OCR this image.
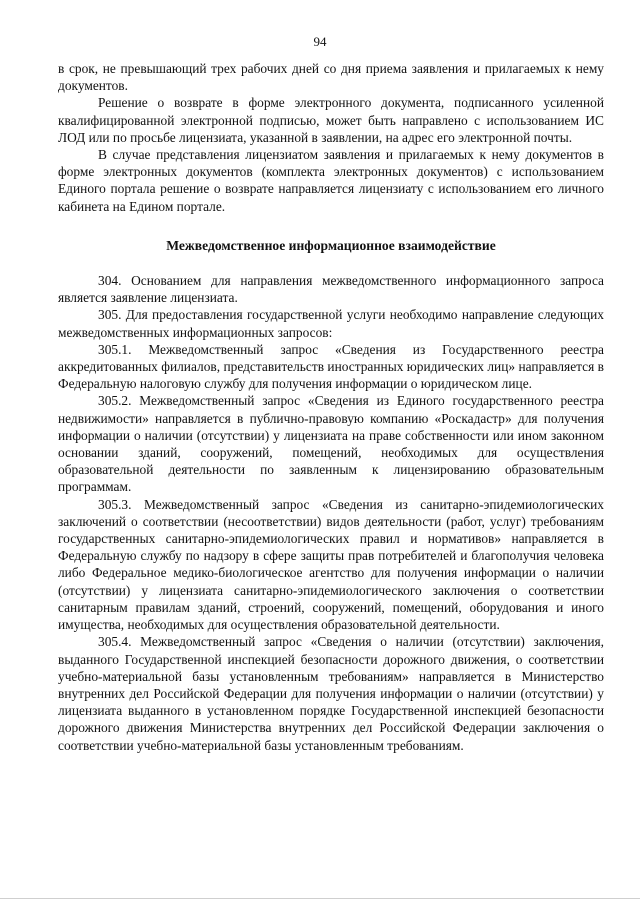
94

в срок, не превышающий трех рабочих дней со дня приема заявления и прилагаемых к нему документов.

Решение о возврате в форме электронного документа, подписанного усиленной квалифицированной электронной подписью, может быть направлено с использованием ИС ЛОД или по просьбе лицензиата, указанной в заявлении, на адрес его электронной почты.

В случае представления лицензиатом заявления и прилагаемых к нему документов в форме электронных документов (комплекта электронных документов) с использованием Единого портала решение о возврате направляется лицензиату с использованием его личного кабинета на Едином портале.

Межведомственное информационное взаимодействие

304. Основанием для направления межведомственного информационного запроса является заявление лицензиата.

305. Для предоставления государственной услуги необходимо направление следующих межведомственных информационных запросов:

305.1. Межведомственный запрос «Сведения из Государственного реестра аккредитованных филиалов, представительств иностранных юридических лиц» направляется в Федеральную налоговую службу для получения информации о юридическом лице.

305.2. Межведомственный запрос «Сведения из Единого государственного реестра недвижимости» направляется в публично-правовую компанию «Роскадастр» для получения информации о наличии (отсутствии) у лицензиата на праве собственности или ином законном основании зданий, сооружений, помещений, необходимых для осуществления образовательной деятельности по заявленным к лицензированию образовательным программам.

305.3. Межведомственный запрос «Сведения из санитарно-эпидемиологических заключений о соответствии (несоответствии) видов деятельности (работ, услуг) требованиям государственных санитарно-эпидемиологических правил и нормативов» направляется в Федеральную службу по надзору в сфере защиты прав потребителей и благополучия человека либо Федеральное медико-биологическое агентство для получения информации о наличии (отсутствии) у лицензиата санитарно-эпидемиологического заключения о соответствии санитарным правилам зданий, строений, сооружений, помещений, оборудования и иного имущества, необходимых для осуществления образовательной деятельности.

305.4. Межведомственный запрос «Сведения о наличии (отсутствии) заключения, выданного Государственной инспекцией безопасности дорожного движения, о соответствии учебно-материальной базы установленным требованиям» направляется в Министерство внутренних дел Российской Федерации для получения информации о наличии (отсутствии) у лицензиата выданного в установленном порядке Государственной инспекцией безопасности дорожного движения Министерства внутренних дел Российской Федерации заключения о соответствии учебно-материальной базы установленным требованиям.
